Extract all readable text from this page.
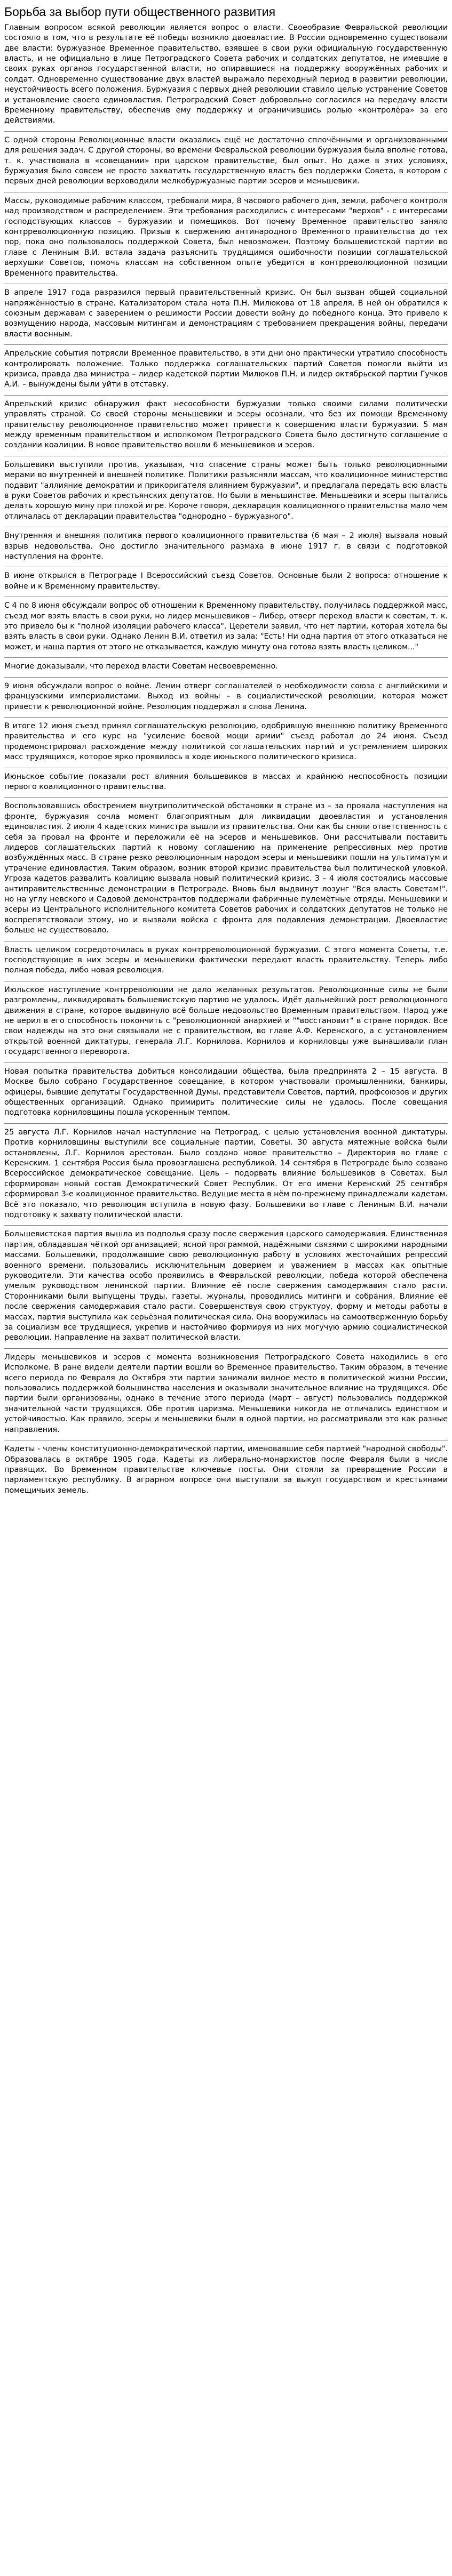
Борьба за выбор пути общественного развития

Главным вопросом всякой революции является вопрос о власти. Своеобразие Февральской революции состояло в том, что в результате её победы возникло двоевластие. В России одновременно существовали две власти: буржуазное Временное правительство, взявшее в свои руки официальную государственную власть, и не официально в лице Петроградского Совета рабочих и солдатских депутатов, не имевшие в своих руках органов государственной власти, но опиравшиеся на поддержку вооружённых рабочих и солдат. Одновременно существование двух властей выражало переходный период в развитии революции, неустойчивость всего положения. Буржуазия с первых дней революции ставило целью устранение Советов и установление своего единовластия. Петроградский Совет добровольно согласился на передачу власти Временному правительству, обеспечив ему поддержку и ограничившись ролью «контролёра» за его действиями.

С одной стороны Революционные власти оказались ещё не достаточно сплочёнными и организованными для решения задач. С другой стороны, во времени Февральской революции буржуазия была вполне готова, т. к. участвовала в «совещании» при царском правительстве, был опыт. Но даже в этих условиях, буржуазия было совсем не просто захватить государственную власть без поддержки Совета, в котором с первых дней революции верховодили мелкобуржуазные партии эсеров и меньшевики.

Массы, руководимые рабочим классом, требовали мира, 8 часового рабочего дня, земли, рабочего контроля над производством и распределением. Эти требования расходились с интересами "верхов" - с интересами господствующих классов – буржуазии и помещиков. Вот почему Временное правительство заняло контрреволюционную позицию. Призыв к свержению антинародного Временного правительства до тех пор, пока оно пользовалось поддержкой Совета, был невозможен. Поэтому большевистской партии во главе с Лениным В.И. встала задача разъяснить трудящимся ошибочности позиции соглашательской верхушки Советов, помочь классам на собственном опыте убедится в контрреволюционной позиции Временного правительства.

В апреле 1917 года разразился первый правительственный кризис. Он был вызван общей социальной напряжённостью в стране. Катализатором стала нота П.Н. Милюкова от 18 апреля. В ней он обратился к союзным державам с заверением о решимости России довести войну до победного конца. Это привело к возмущению народа, массовым митингам и демонстрациям с требованием прекращения войны, передачи власти военным.

Апрельские события потрясли Временное правительство, в эти дни оно практически утратило способность контролировать положение. Только поддержка соглашательских партий Советов помогли выйти из кризиса, правда два министра – лидер кадетской партии Милюков П.Н. и лидер октябрьской партии Гучков А.И. – вынуждены были уйти в отставку.

Апрельский кризис обнаружил факт несособности буржуазии только своими силами политически управлять страной. Со своей стороны меньшевики и эсеры осознали, что без их помощи Временному правительству революционное правительство может привести к совершению власти буржуазии. 5 мая между временным правительством и исполкомом Петроградского Совета было достигнуто соглашение о создании коалиции. В новое правительство вошли 6 меньшевиков и эсеров.

Большевики выступили против, указывая, что спасение страны может быть только революционными мерами во внутренней и внешней политике. Политики разъясняли массам, что коалиционное министерство подавит "аллияние демократии и прикоригателя влиянием буржуазии", и предлагала передать всю власть в руки Советов рабочих и крестьянских депутатов. Но были в меньшинстве. Меньшевики и эсеры пытались делать хорошую мину при плохой игре. Короче говоря, декларация коалиционного правительства мало чем отличалась от декларации правительства "однородно – буржуазного".

Внутренняя и внешняя политика первого коалиционного правительства (6 мая – 2 июля) вызвала новый взрыв недовольства. Оно достигло значительного размаха в июне 1917 г. в связи с подготовкой наступления на фронте.

В июне открылся в Петрограде I Всероссийский съезд Советов. Основные были 2 вопроса: отношение к войне и к Временному правительству.

С 4 по 8 июня обсуждали вопрос об отношении к Временному правительству, получилась поддержкой масс, съезд мог взять власть в свои руки, но лидер меньшевиков – Либер, отверг переход власти к советам, т. к. это привело бы к "полной изоляции рабочего класса". Церетели заявил, что нет партии, которая хотела бы взять власть в свои руки. Однако Ленин В.И. ответил из зала: "Есть! Ни одна партия от этого отказаться не может, и наша партия от этого не отказывается, каждую минуту она готова взять власть целиком..."

Многие доказывали, что переход власти Советам несвоевременно.

9 июня обсуждали вопрос о войне. Ленин отверг соглашателей о необходимости союза с английскими и французскими империалистами. Выход из войны – в социалистической революции, которая может привести к революционной войне. Резолюция поддержал в слова Ленина.

В итоге 12 июня съезд принял соглашательскую резолюцию, одобрившую внешнюю политику Временного правительства и его курс на "усиление боевой мощи армии" съезд работал до 24 июня. Съезд продемонстрировал расхождение между политикой соглашательских партий и устремлением широких масс трудящихся, которое ярко проявилось в ходе июньского политического кризиса.

Июньское событие показали рост влияния большевиков в массах и крайнюю неспособность позиции первого коалиционного правительства.

Воспользовавшись обострением внутриполитической обстановки в стране из – за провала наступления на фронте, буржуазия сочла момент благоприятным для ликвидации двоевластия и установления единовластия. 2 июля 4 кадетских министра вышли из правительства. Они как бы сняли ответственность с себя за провал на фронте и переложили её на эсеров и меньшевиков. Они рассчитывали поставить лидеров соглашательских партий к новому соглашению на применение репрессивных мер против возбуждённых масс. В стране резко революционным народом эсеры и меньшевики пошли на ультиматум и утрачение единовластия. Таким образом, возник второй кризис правительства был политической уловкой. Угроза кадетов развалить коалицию вызвала новый политический кризис. 3 – 4 июля состоялись массовые антиправительственные демонстрации в Петрограде. Вновь был выдвинут лозунг "Вся власть Советам!". но на углу невского и Садовой демонстрантов поддержали фабричные пулемётные отряды. Меньшевики и эсеры из Центрального исполнительного комитета Советов рабочих и солдатских депутатов не только не воспрепятствовали этому, но и вызвали войска с фронта для подавления демонстрации. Двоевластие больше не существовало.

Власть целиком сосредоточилась в руках контрреволюционной буржуазии. С этого момента Советы, т.е. господствующие в них эсеры и меньшевики фактически передают власть правительству. Теперь либо полная победа, либо новая революция.

Июльское наступление контрреволюции не дало желанных результатов. Революционные силы не были разгромлены, ликвидировать большевистскую партию не удалось. Идёт дальнейший рост революционного движения в стране, которое выдвинуло всё больше недовольство Временным правительством. Народ уже не верил в его способность покончить с "революционной анархией и ""восстановит" в стране порядок. Все свои надежды на это они связывали не с правительством, во главе А.Ф. Керенского, а с установлением открытой военной диктатуры, генерала Л.Г. Корнилова. Корнилов и корниловцы уже вынашивали план государственного переворота.

Новая попытка правительства добиться консолидации общества, была предпринята 2 – 15 августа. В Москве было собрано Государственное совещание, в котором участвовали промышленники, банкиры, офицеры, бывшие депутаты Государственной Думы, представители Советов, партий, профсоюзов и других общественных организаций. Однако примирить политические силы не удалось. После совещания подготовка корниловщины пошла ускоренным темпом.

25 августа Л.Г. Корнилов начал наступление на Петроград, с целью установления военной диктатуры. Против корниловщины выступили все социальные партии, Советы. 30 августа мятежные войска были остановлены, Л.Г. Корнилов арестован. Было создано новое правительство – Директория во главе с Керенским. 1 сентября Россия была провозглашена республикой. 14 сентября в Петрограде было созвано Всероссийское демократическое совещание. Цель – подорвать влияние большевиков в Советах. Был сформирован новый состав Демократический Совет Республик. От его имени Керенский 25 сентября сформировал 3-е коалиционное правительство. Ведущие места в нём по-прежнему принадлежали кадетам. Всё это показало, что революция вступила в новую фазу. Большевики во главе с Лениным В.И. начали подготовку к захвату политической власти.

Большевистская партия вышла из подполья сразу после свержения царского самодержавия. Единственная партия, обладавшая чёткой организацией, ясной программой, надёжными связями с широкими народными массами. Большевики, продолжавшие свою революционную работу в условиях жесточайших репрессий военного времени, пользовались исключительным доверием и уважением в массах как опытные руководители. Эти качества особо проявились в Февральской революции, победа которой обеспечена умелым руководством ленинской партии. Влияние её после свержения самодержавия стало расти. Сторонниками были выпущены труды, газеты, журналы, проводились митинги и собрания. Влияние её после свержения самодержавия стало расти. Совершенствуя свою структуру, форму и методы работы в массах, партия выступила как серьёзная политическая сила. Она вооружилась на самоотверженную борьбу за социализм все трудящиеся, укрепив и настойчиво формируя из них могучую армию социалистической революции. Направление на захват политической власти.

Лидеры меньшевиков и эсеров с момента возникновения Петроградского Совета находились в его Исполкоме. В ране видели деятели партии вошли во Временное правительство. Таким образом, в течение всего периода по Февраля до Октября эти партии занимали видное место в политической жизни России, пользовались поддержкой большинства населения и оказывали значительное влияние на трудящихся. Обе партии были организованы, однако в течение этого периода (март – август) пользовались поддержкой значительной части трудящихся. Обе против царизма. Меньшевики никогда не отличались единством и устойчивостью. Как правило, эсеры и меньшевики были в одной партии, но рассматривали это как разные направления.

Кадеты - члены конституционно-демократической партии, именовавшие себя партией "народной свободы". Образовалась в октябре 1905 года. Кадеты из либерально-монархистов после Февраля были в числе правящих. Во Временном правительстве ключевые посты. Они стояли за превращение России в парламентскую республику. В аграрном вопросе они выступали за выкуп государством и крестьянами помещичьих земель.
